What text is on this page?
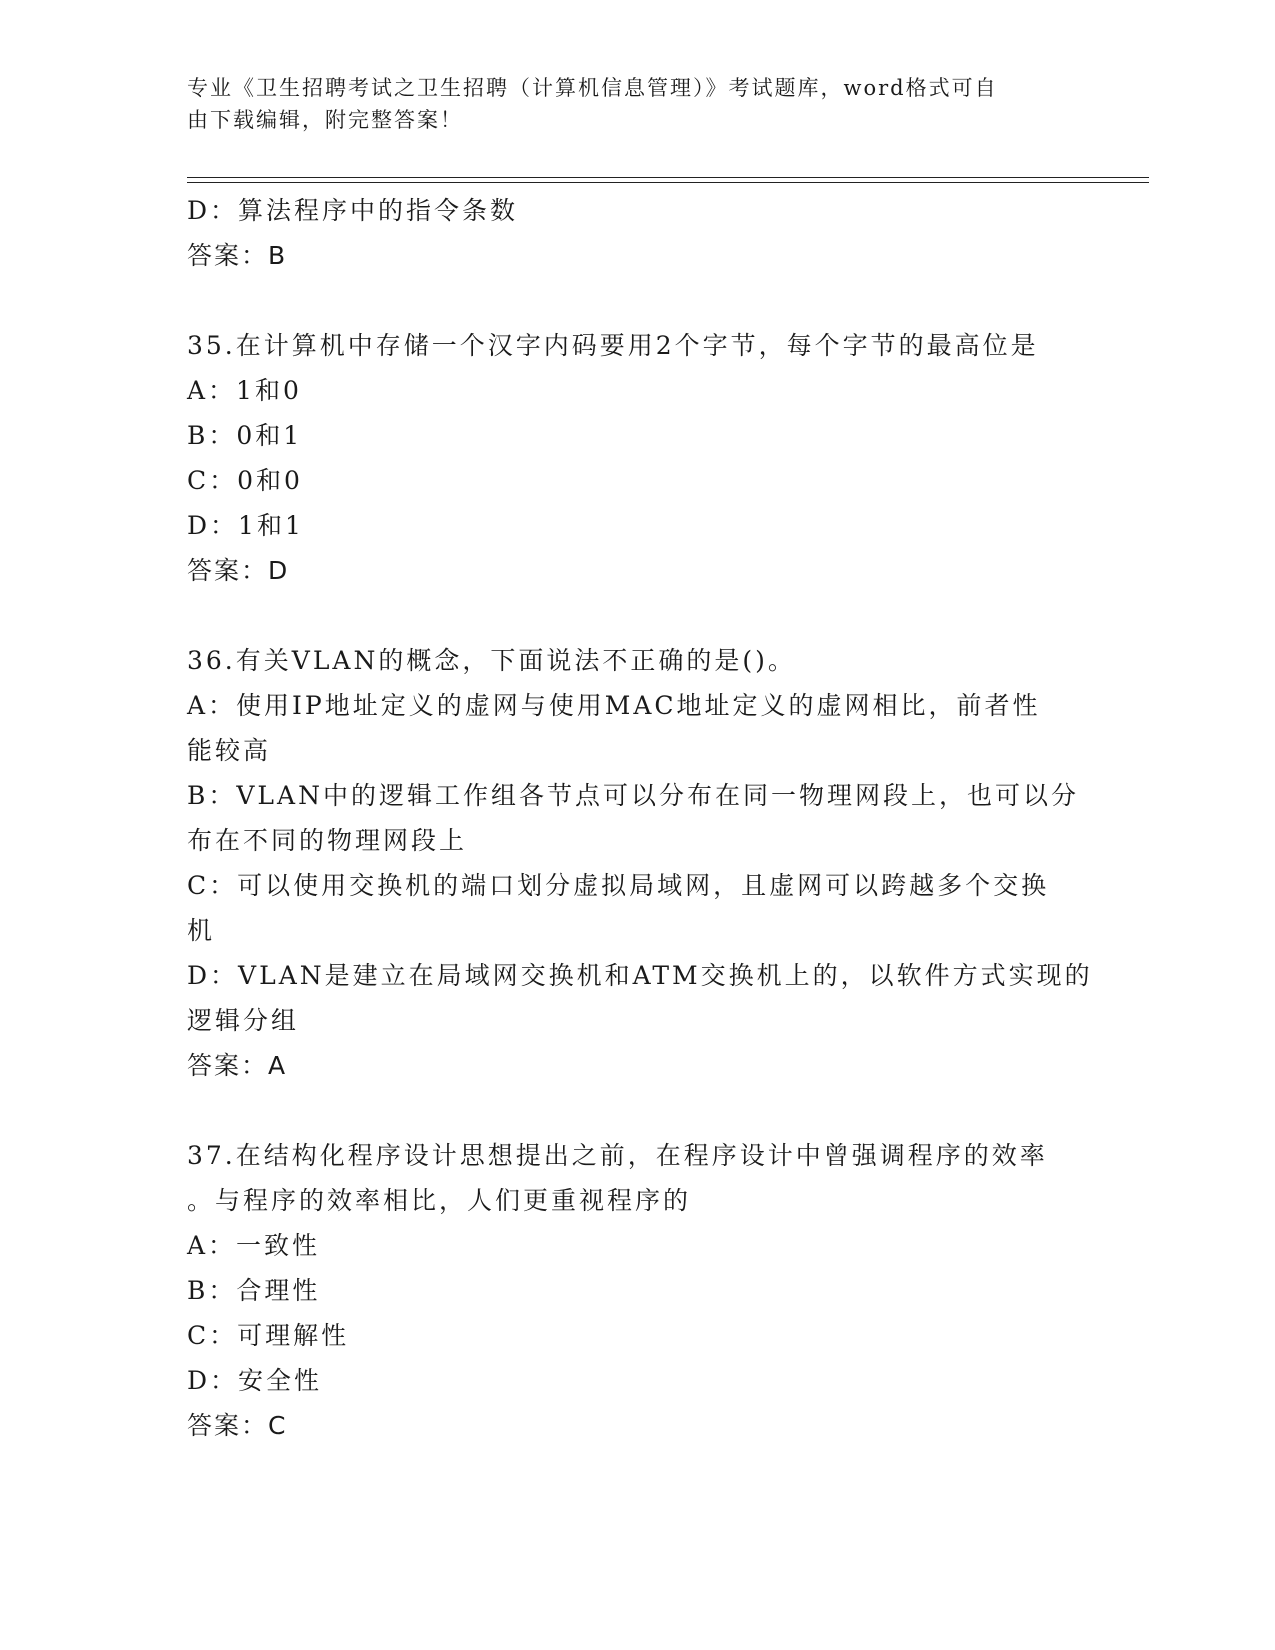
专业《卫生招聘考试之卫生招聘（计算机信息管理）》考试题库，word格式可自
由下载编辑，附完整答案！
D：算法程序中的指令条数
答案：B
35.在计算机中存储一个汉字内码要用2个字节，每个字节的最高位是
A：1和0
B：0和1
C：0和0
D：1和1
答案：D
36.有关VLAN的概念，下面说法不正确的是()。
A：使用IP地址定义的虚网与使用MAC地址定义的虚网相比，前者性
能较高
B：VLAN中的逻辑工作组各节点可以分布在同一物理网段上，也可以分
布在不同的物理网段上
C：可以使用交换机的端口划分虚拟局域网，且虚网可以跨越多个交换
机
D：VLAN是建立在局域网交换机和ATM交换机上的，以软件方式实现的
逻辑分组
答案：A
37.在结构化程序设计思想提出之前，在程序设计中曾强调程序的效率
。与程序的效率相比，人们更重视程序的
A：一致性
B：合理性
C：可理解性
D：安全性
答案：C
